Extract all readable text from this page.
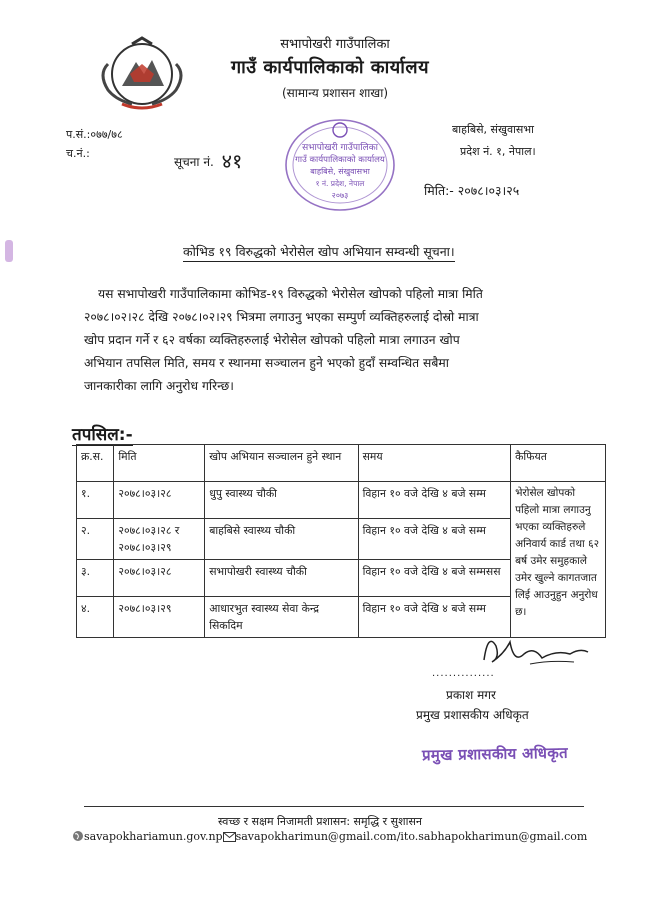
सभापोखरी गाउँपालिका
गाउँ कार्यपालिकाको कार्यालय
(सामान्य प्रशासन शाखा)
प.सं.:०७७/७८
च.नं.:
सूचना नं. ४१
बाहबिसे, संखुवासभा
प्रदेश नं. १, नेपाल।
मिति:- २०७८।०३।२५
सभापोखरी गाउँपालिका
गाउँ कार्यपालिकाको कार्यालय
बाहबिसे, संखुवासभा
१ नं. प्रदेश, नेपाल
२०७३
कोभिड १९ विरुद्धको भेरोसेल खोप अभियान सम्वन्धी सूचना।
यस सभापोखरी गाउँपालिकामा कोभिड-१९ विरुद्धको भेरोसेल खोपको पहिलो मात्रा मिति
२०७८।०२।२८ देखि २०७८।०२।२९ भित्रमा लगाउनु भएका सम्पुर्ण व्यक्तिहरुलाई दोस्रो मात्रा
खोप प्रदान गर्ने र ६२ वर्षका व्यक्तिहरुलाई भेरोसेल खोपको पहिलो मात्रा लगाउन खोप
अभियान तपसिल मिति, समय र स्थानमा सञ्चालन हुने भएको हुदाँ सम्वन्धित सबैमा
जानकारीका लागि अनुरोध गरिन्छ।
तपसिल:-
क्र.स.	मिति	खोप अभियान सञ्चालन हुने स्थान	समय	कैफियत
१.	२०७८।०३।२८	धुपु स्वास्थ्य चौकी	विहान १० वजे देखि ४ बजे सम्म	भेरोसेल खोपको पहिलो मात्रा लगाउनु भएका व्यक्तिहरुले अनिवार्य कार्ड तथा ६२ बर्ष उमेर समुहकाले उमेर खुल्ने कागतजात लिई आउनुहुन अनुरोध छ।
२.	२०७८।०३।२८ र २०७८।०३।२९	बाहबिसे स्वास्थ्य चौकी	विहान १० वजे देखि ४ बजे सम्म	
३.	२०७८।०३।२८	सभापोखरी स्वास्थ्य चौकी	विहान १० वजे देखि ४ बजे सम्मसस	
४.	२०७८।०३।२९	आधारभुत स्वास्थ्य सेवा केन्द्र सिकदिम	विहान १० वजे देखि ४ बजे सम्म	
...............
प्रकाश मगर
प्रमुख प्रशासकीय अधिकृत
प्रमुख प्रशासकीय अधिकृत
स्वच्छ र सक्षम निजामती प्रशासन: समृद्धि र सुशासन
savapokhariamun.gov.np savapokharimun@gmail.com/ito.sabhapokharimun@gmail.com
